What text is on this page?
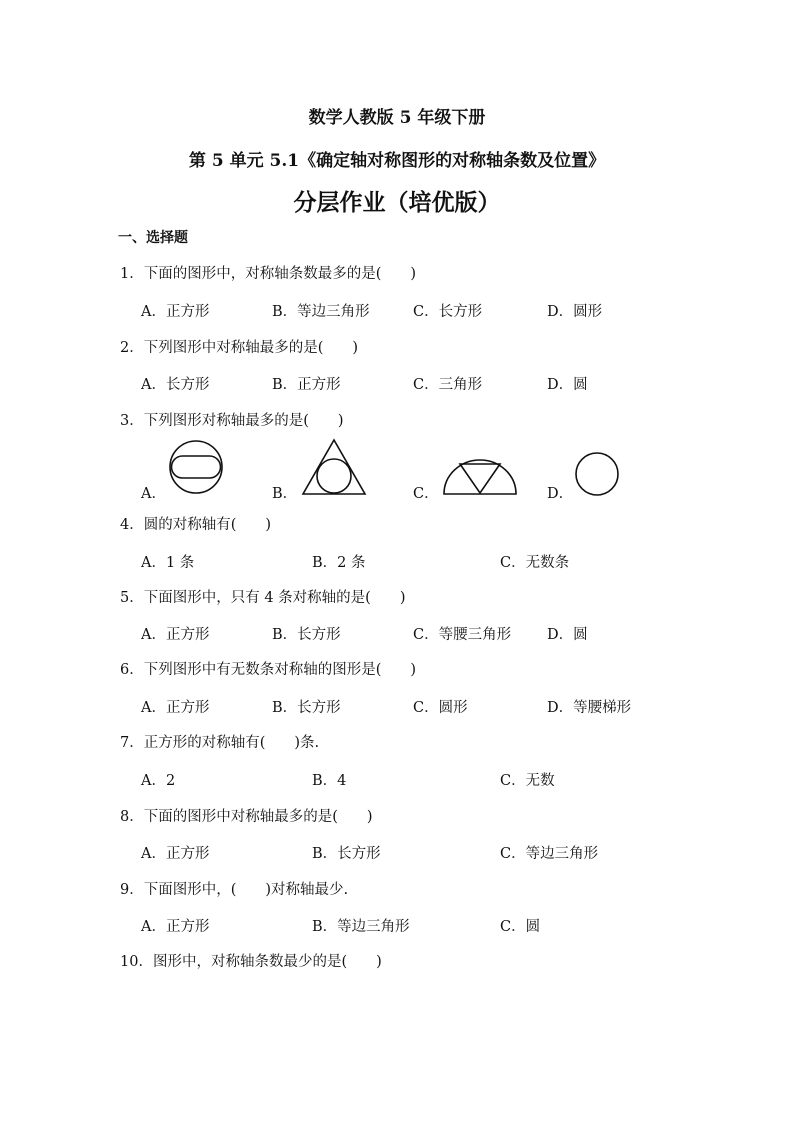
数学人教版 5 年级下册
第 5 单元 5.1《确定轴对称图形的对称轴条数及位置》
分层作业（培优版）
一、选择题
1．下面的图形中，对称轴条数最多的是(　　)
A．正方形	B．等边三角形	C．长方形	D．圆形
2．下列图形中对称轴最多的是(　　)
A．长方形	B．正方形	C．三角形	D．圆
3．下列图形对称轴最多的是(　　)
A．	B．	C．	D．
4．圆的对称轴有(　　)
A．1 条	B．2 条	C．无数条
5．下面图形中，只有 4 条对称轴的是(　　)
A．正方形	B．长方形	C．等腰三角形 D．圆
6．下列图形中有无数条对称轴的图形是(　　)
A．正方形	B．长方形	C．圆形	D．等腰梯形
7．正方形的对称轴有(　　)条.
A．2	B．4	C．无数
8．下面的图形中对称轴最多的是(　　)
A．正方形	B．长方形	C．等边三角形
9．下面图形中，(　　)对称轴最少.
A．正方形	B．等边三角形	C．圆
10．图形中，对称轴条数最少的是(　　)
